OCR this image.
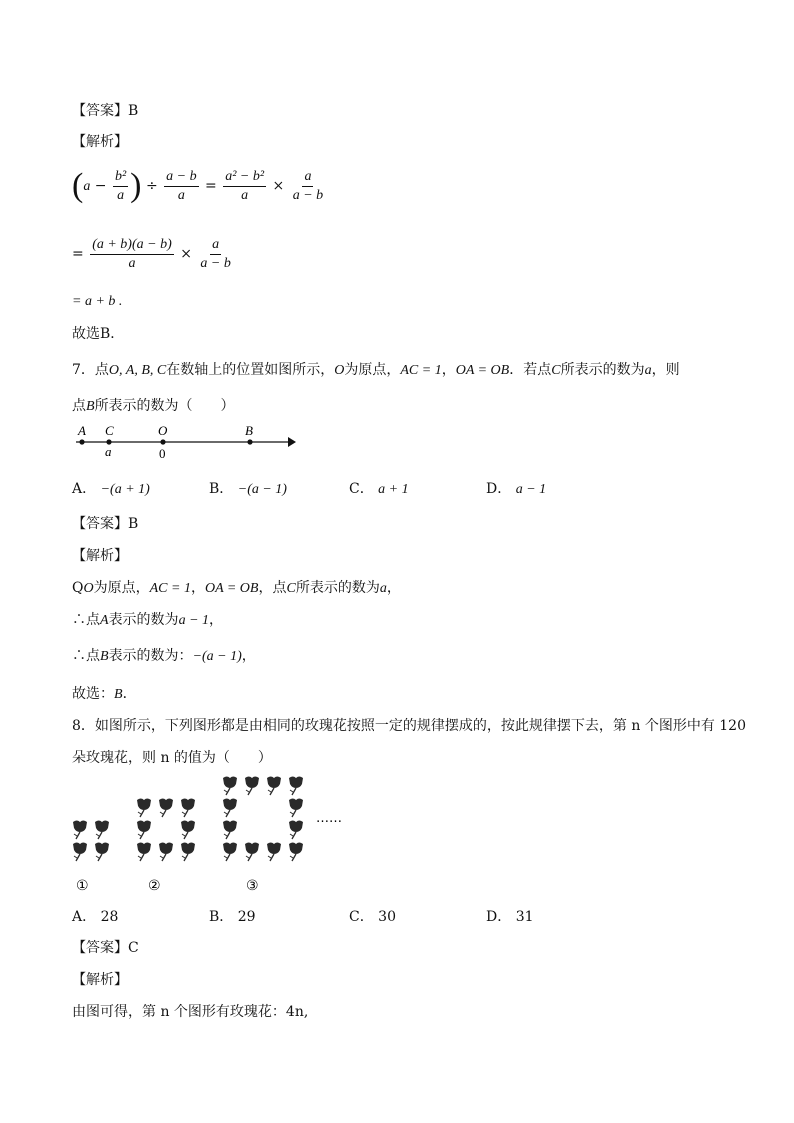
【答案】B
【解析】
($a - \frac{\text{b²}}{a}$ ) ÷ $\frac{a - b}{a} = \frac{\text{a² − b²}}{a} \times \frac{a}{a - b}$
= $\frac{(a + b)(a - b)}{a} \times \frac{a}{a - b}$
= a + b .
故选B．
7．点O, A, B, C在数轴上的位置如图所示，O为原点，AC = 1，OA = OB．若点C所表示的数为a，则
点B所表示的数为（　　）
A C	O	B
a	0
A． −(a + 1)	B． −(a − 1)	C． a + 1	D． a − 1
【答案】B
【解析】
QO为原点，AC = 1，OA = OB，点C所表示的数为a，
∴点A表示的数为a − 1，
∴点B表示的数为：−(a − 1)，
故选：B．
8．如图所示，下列图形都是由相同的玫瑰花按照一定的规律摆成的，按此规律摆下去，第 n 个图形中有 120
朵玫瑰花，则 n 的值为（　　）
①	②	③
……
A． 28	B． 29	C． 30	D． 31
【答案】C
【解析】
由图可得，第 n 个图形有玫瑰花：4n,
